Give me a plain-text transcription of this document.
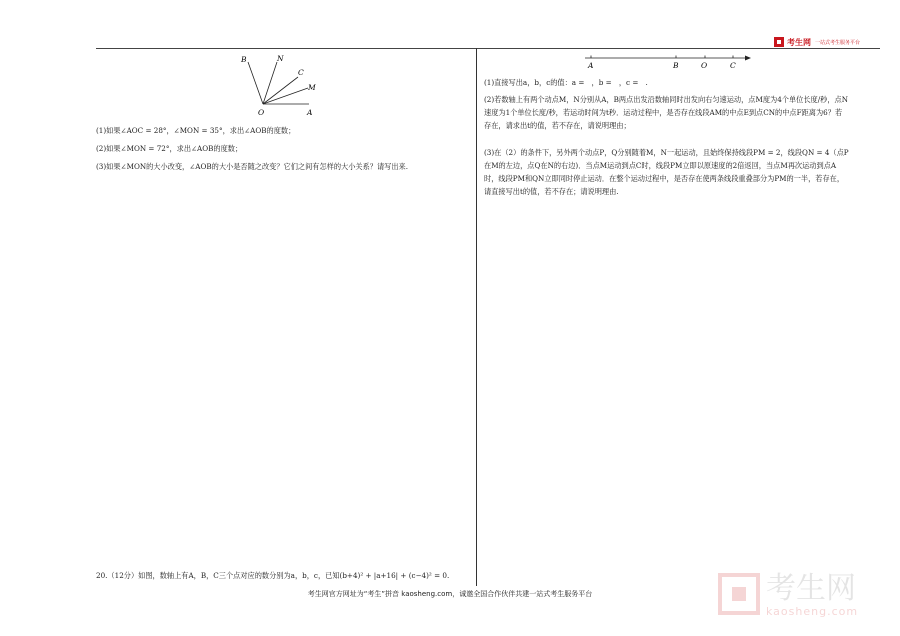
考生网 一站式考生服务平台
B	N
C
M
O	A
(1)如果∠AOC = 28°，∠MON = 35°，求出∠AOB的度数；
(2)如果∠MON = 72°，求出∠AOB的度数；
(3)如果∠MON的大小改变，∠AOB的大小是否随之改变？它们之间有怎样的大小关系？请写出来.
20.（12分）如图，数轴上有A，B，C三个点对应的数分别为a，b，c，已知(b+4)² + |a+16| + (c−4)² = 0.
A	B	O	C
(1)直接写出a，b，c的值：a =　，b =　，c =　.
(2)若数轴上有两个动点M，N分别从A，B两点出发沿数轴同时出发向右匀速运动，点M度为4个单位长度/秒，点N速度为1个单位长度/秒，若运动时间为t秒．运动过程中，是否存在线段AM的中点E到点CN的中点F距离为6？若存在，请求出t的值，若不存在，请说明理由；
(3)在（2）的条件下，另外两个动点P，Q分别随着M，N一起运动，且始终保持线段PM = 2，线段QN = 4（点P在M的左边，点Q在N的右边)．当点M运动到点C时，线段PM立即以原速度的2倍返回，当点M再次运动到点A时，线段PM和QN立即同时停止运动．在整个运动过程中，是否存在使两条线段重叠部分为PM的一半，若存在，请直接写出t的值，若不存在；请说明理由.
考生网官方网址为“考生”拼音 kaosheng.com，诚邀全国合作伙伴共建一站式考生服务平台	考生网
kaosheng.com
